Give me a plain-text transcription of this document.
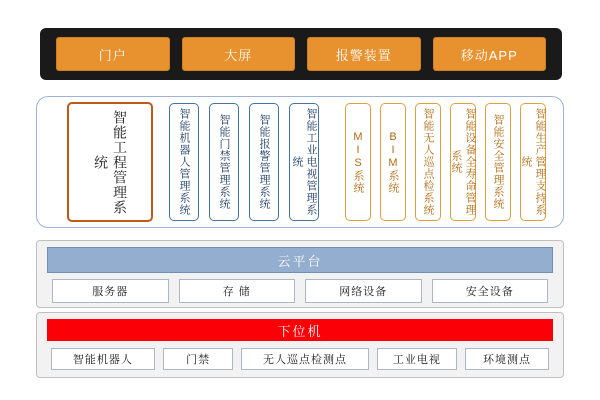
门户	大屏	报警装置	移动APP
智能工程管理系统	智能机器人管理系统	智能门禁管理系统	智能报警管理系统	智能工业电视管理系统	MIS系统 BIM系统 智能无人巡点检系统	智能设备全寿命管理系统	智能安全管理系统	智能生产管理支持系统
云平台
服务器	存 储	网络设备	安全设备
下位机
智能机器人	门禁	无人巡点检测点	工业电视	环境测点
